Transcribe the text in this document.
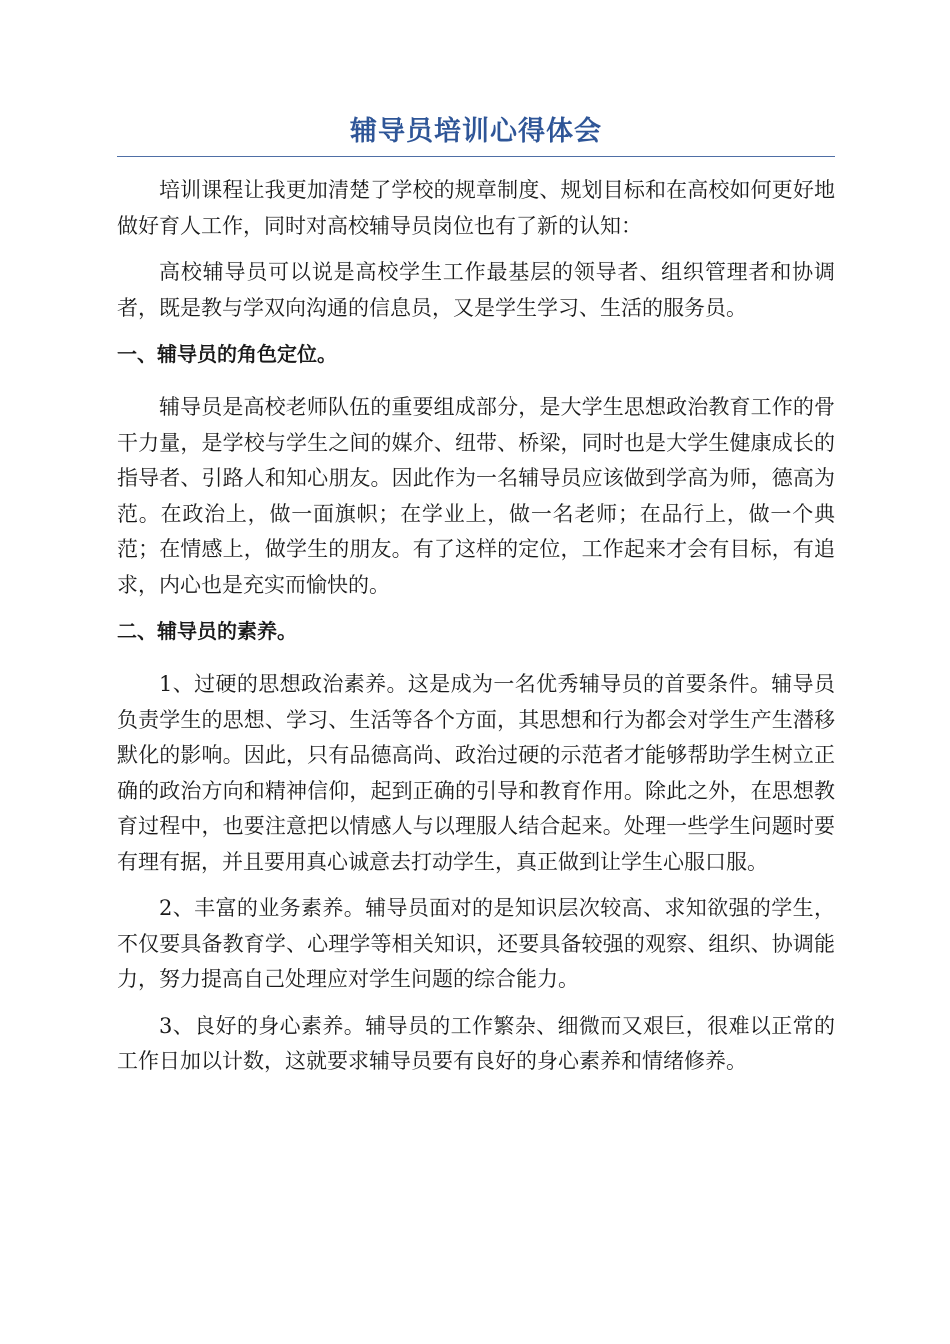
辅导员培训心得体会

培训课程让我更加清楚了学校的规章制度、规划目标和在高校如何更好地做好育人工作，同时对高校辅导员岗位也有了新的认知：

高校辅导员可以说是高校学生工作最基层的领导者、组织管理者和协调者，既是教与学双向沟通的信息员，又是学生学习、生活的服务员。

一、辅导员的角色定位。

辅导员是高校老师队伍的重要组成部分，是大学生思想政治教育工作的骨干力量，是学校与学生之间的媒介、纽带、桥梁，同时也是大学生健康成长的指导者、引路人和知心朋友。因此作为一名辅导员应该做到学高为师，德高为范。在政治上，做一面旗帜；在学业上，做一名老师；在品行上，做一个典范；在情感上，做学生的朋友。有了这样的定位，工作起来才会有目标，有追求，内心也是充实而愉快的。

二、辅导员的素养。

1、过硬的思想政治素养。这是成为一名优秀辅导员的首要条件。辅导员负责学生的思想、学习、生活等各个方面，其思想和行为都会对学生产生潜移默化的影响。因此，只有品德高尚、政治过硬的示范者才能够帮助学生树立正确的政治方向和精神信仰，起到正确的引导和教育作用。除此之外，在思想教育过程中，也要注意把以情感人与以理服人结合起来。处理一些学生问题时要有理有据，并且要用真心诚意去打动学生，真正做到让学生心服口服。

2、丰富的业务素养。辅导员面对的是知识层次较高、求知欲强的学生，不仅要具备教育学、心理学等相关知识，还要具备较强的观察、组织、协调能力，努力提高自己处理应对学生问题的综合能力。

3、良好的身心素养。辅导员的工作繁杂、细微而又艰巨，很难以正常的工作日加以计数，这就要求辅导员要有良好的身心素养和情绪修养。
